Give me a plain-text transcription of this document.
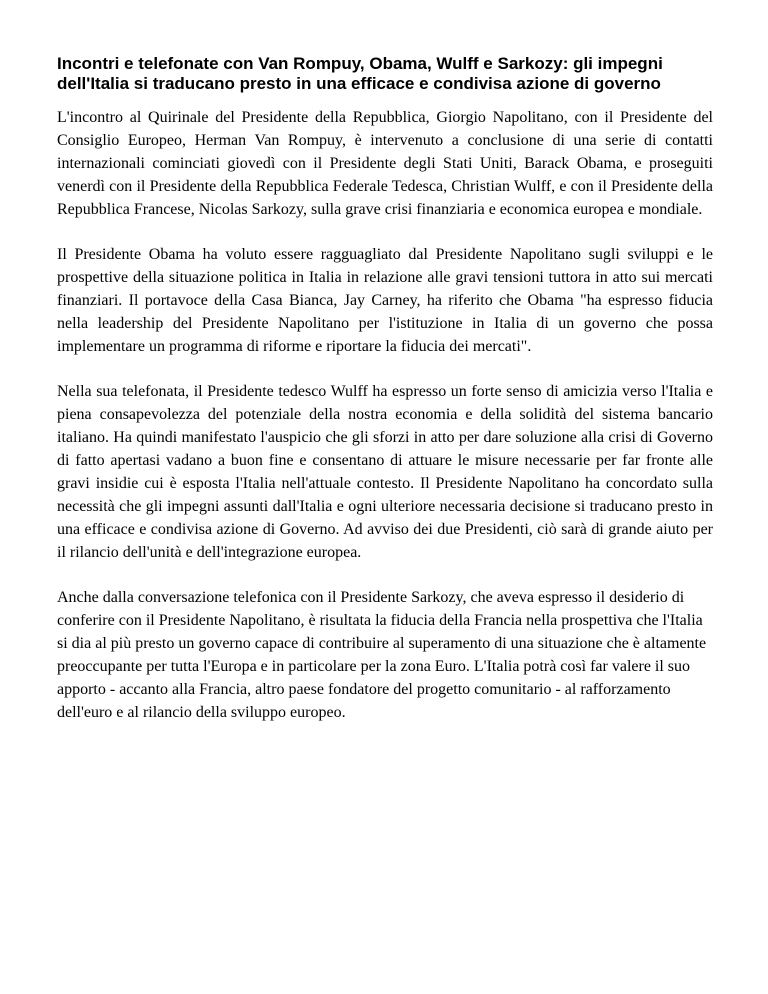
Incontri e telefonate con Van Rompuy, Obama, Wulff e Sarkozy: gli impegni dell'Italia si traducano presto in una efficace e condivisa azione di governo

L'incontro al Quirinale del Presidente della Repubblica, Giorgio Napolitano, con il Presidente del Consiglio Europeo, Herman Van Rompuy, è intervenuto a conclusione di una serie di contatti internazionali cominciati giovedì con il Presidente degli Stati Uniti, Barack Obama, e proseguiti venerdì con il Presidente della Repubblica Federale Tedesca, Christian Wulff, e con il Presidente della Repubblica Francese, Nicolas Sarkozy, sulla grave crisi finanziaria e economica europea e mondiale.

Il Presidente Obama ha voluto essere ragguagliato dal Presidente Napolitano sugli sviluppi e le prospettive della situazione politica in Italia in relazione alle gravi tensioni tuttora in atto sui mercati finanziari. Il portavoce della Casa Bianca, Jay Carney, ha riferito che Obama "ha espresso fiducia nella leadership del Presidente Napolitano per l'istituzione in Italia di un governo che possa implementare un programma di riforme e riportare la fiducia dei mercati".

Nella sua telefonata, il Presidente tedesco Wulff ha espresso un forte senso di amicizia verso l'Italia e piena consapevolezza del potenziale della nostra economia e della solidità del sistema bancario italiano. Ha quindi manifestato l'auspicio che gli sforzi in atto per dare soluzione alla crisi di Governo di fatto apertasi vadano a buon fine e consentano di attuare le misure necessarie per far fronte alle gravi insidie cui è esposta l'Italia nell'attuale contesto. Il Presidente Napolitano ha concordato sulla necessità che gli impegni assunti dall'Italia e ogni ulteriore necessaria decisione si traducano presto in una efficace e condivisa azione di Governo. Ad avviso dei due Presidenti, ciò sarà di grande aiuto per il rilancio dell'unità e dell'integrazione europea.

Anche dalla conversazione telefonica con il Presidente Sarkozy, che aveva espresso il desiderio di conferire con il Presidente Napolitano, è risultata la fiducia della Francia nella prospettiva che l'Italia si dia al più presto un governo capace di contribuire al superamento di una situazione che è altamente preoccupante per tutta l'Europa e in particolare per la zona Euro. L'Italia potrà così far valere il suo apporto - accanto alla Francia, altro paese fondatore del progetto comunitario - al rafforzamento dell'euro e al rilancio della sviluppo europeo.
